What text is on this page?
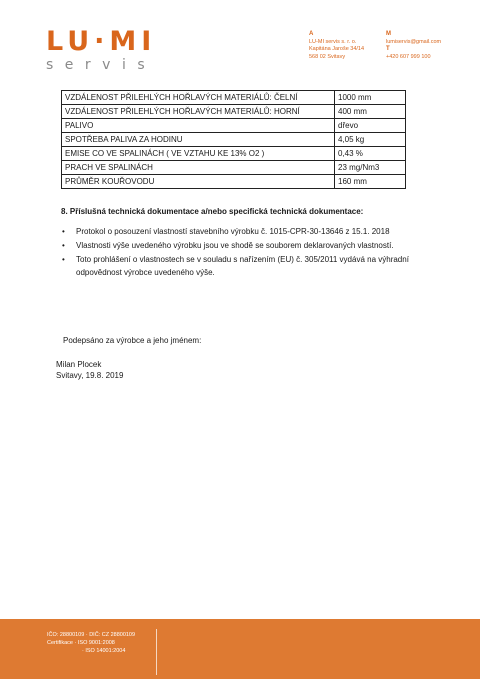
LU·MI
servis
A
LU-MI servis s. r. o.
Kapitána Jaroše 34/14
568 02 Svitavy
M
lumiservis@gmail.com
T
+420 607 999 100
VZDÁLENOST PŘILEHLÝCH HOŘLAVÝCH MATERIÁLŮ: ČELNÍ	1000 mm
VZDÁLENOST PŘILEHLÝCH HOŘLAVÝCH MATERIÁLŮ: HORNÍ	400 mm
PALIVO	dřevo
SPOTŘEBA PALIVA ZA HODINU	4,05 kg
EMISE CO VE SPALINÁCH ( VE VZTAHU KE 13% O2 )	0,43 %
PRACH VE SPALINÁCH	23 mg/Nm3
PRŮMĚR KOUŘOVODU	160 mm
8. Příslušná technická dokumentace a/nebo specifická technická dokumentace:
• Protokol o posouzení vlastností stavebního výrobku č. 1015-CPR-30-13646 z 15.1. 2018
• Vlastnosti výše uvedeného výrobku jsou ve shodě se souborem deklarovaných vlastností.
• Toto prohlášení o vlastnostech se v souladu s nařízením (EU) č. 305/2011 vydává na výhradní odpovědnost výrobce uvedeného výše.
Podepsáno za výrobce a jeho jménem:
Milan Plocek
Svitavy, 19.8. 2019
IČO: 28800109 · DIČ: CZ 28800109
Certifikace · ISO 9001:2008
· ISO 14001:2004
